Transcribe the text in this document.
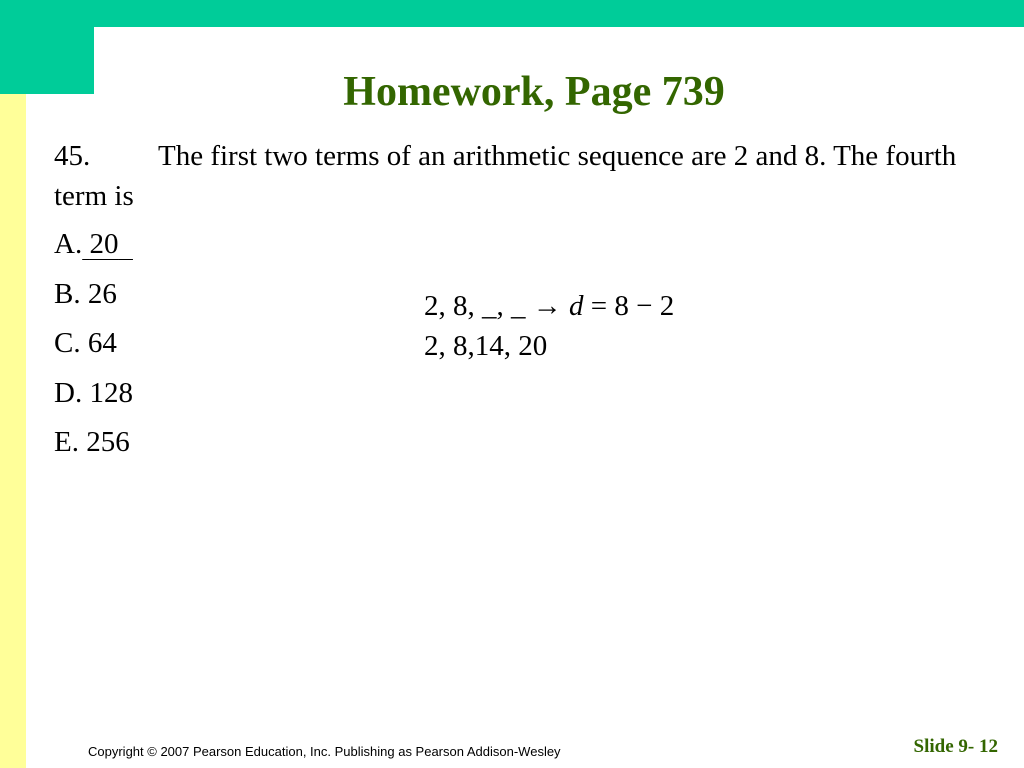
Homework, Page 739
45. The first two terms of an arithmetic sequence are 2 and 8. The fourth term is
A. 20
B. 26
C. 64
D. 128
E. 256
2, 8, _, _ → d = 8 − 2
2, 8,14, 20
Copyright © 2007 Pearson Education, Inc. Publishing as Pearson Addison-Wesley	Slide 9- 12
